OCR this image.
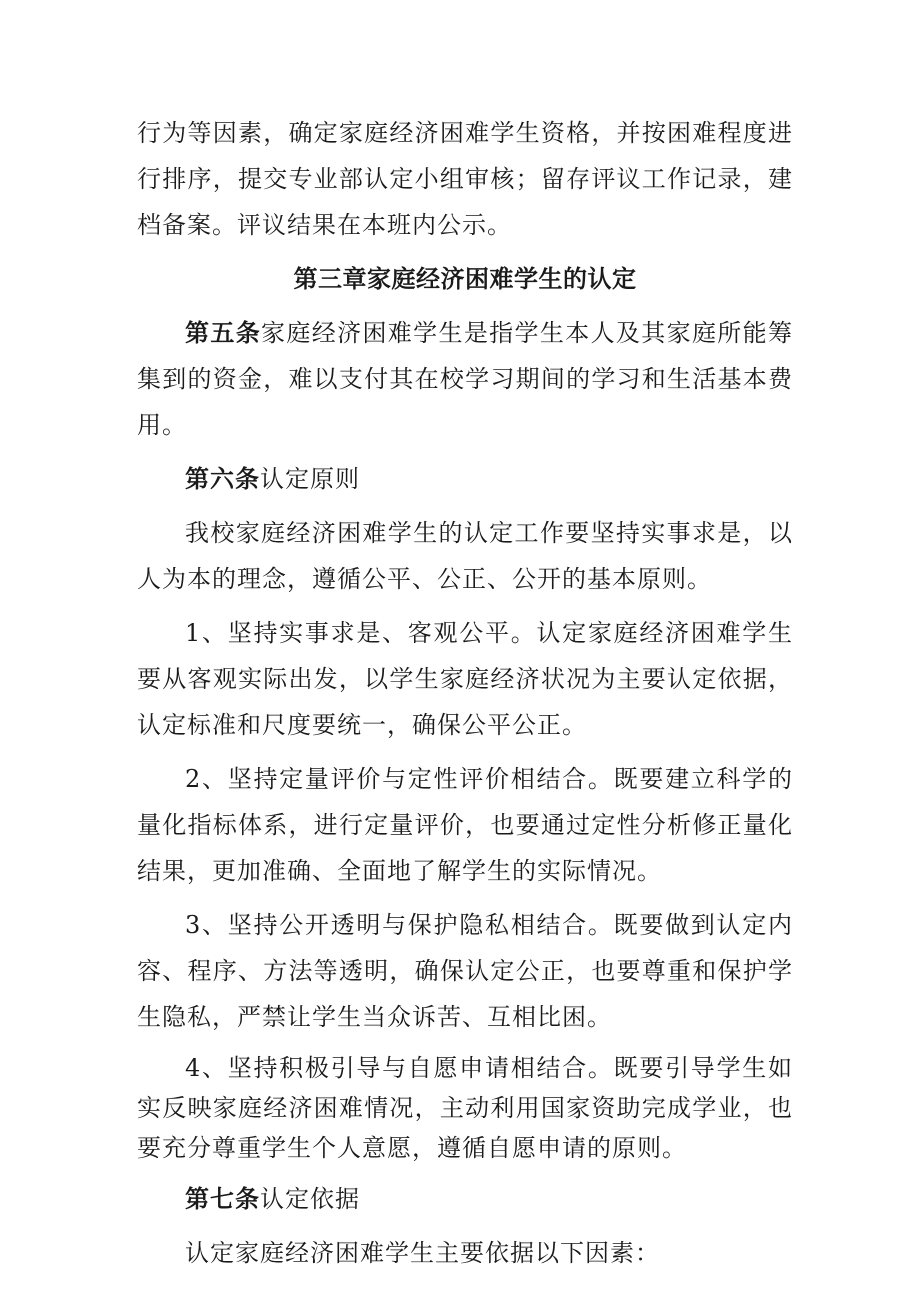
行为等因素，确定家庭经济困难学生资格，并按困难程度进行排序，提交专业部认定小组审核；留存评议工作记录，建档备案。评议结果在本班内公示。

第三章家庭经济困难学生的认定

第五条家庭经济困难学生是指学生本人及其家庭所能筹集到的资金，难以支付其在校学习期间的学习和生活基本费用。

第六条认定原则

我校家庭经济困难学生的认定工作要坚持实事求是，以人为本的理念，遵循公平、公正、公开的基本原则。

1、坚持实事求是、客观公平。认定家庭经济困难学生要从客观实际出发，以学生家庭经济状况为主要认定依据，认定标准和尺度要统一，确保公平公正。

2、坚持定量评价与定性评价相结合。既要建立科学的量化指标体系，进行定量评价，也要通过定性分析修正量化结果，更加准确、全面地了解学生的实际情况。

3、坚持公开透明与保护隐私相结合。既要做到认定内容、程序、方法等透明，确保认定公正，也要尊重和保护学生隐私，严禁让学生当众诉苦、互相比困。

4、坚持积极引导与自愿申请相结合。既要引导学生如实反映家庭经济困难情况，主动利用国家资助完成学业，也要充分尊重学生个人意愿，遵循自愿申请的原则。

第七条认定依据

认定家庭经济困难学生主要依据以下因素：
